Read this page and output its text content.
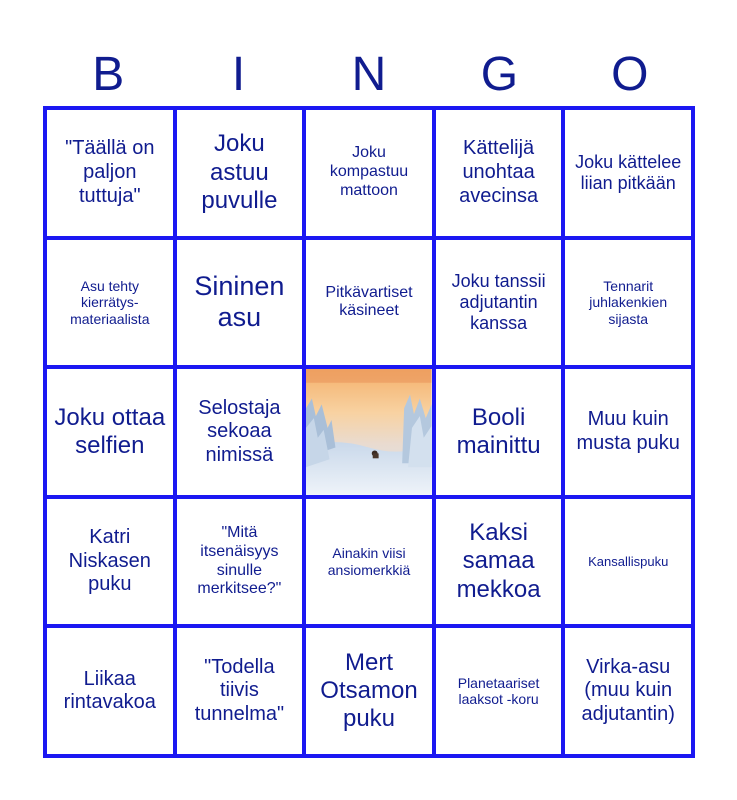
B	I	N	G	O
"Täällä on paljon tuttuja"
Joku astuu puvulle
Joku kompastuu mattoon
Kättelijä unohtaa avecinsa
Joku kättelee liian pitkään
Asu tehty kierrätys-materiaalista
Sininen asu
Pitkävartiset käsineet
Joku tanssii adjutantin kanssa
Tennarit juhlakenkien sijasta
Joku ottaa selfien
Selostaja sekoaa nimissä
Booli mainittu
Muu kuin musta puku
Katri Niskasen puku
"Mitä itsenäisyys sinulle merkitsee?"
Ainakin viisi ansiomerkkiä
Kaksi samaa mekkoa
Kansallispuku
Liikaa rintavakoa
"Todella tiivis tunnelma"
Mert Otsamon puku
Planetaariset laaksot -koru
Virka-asu (muu kuin adjutantin)
